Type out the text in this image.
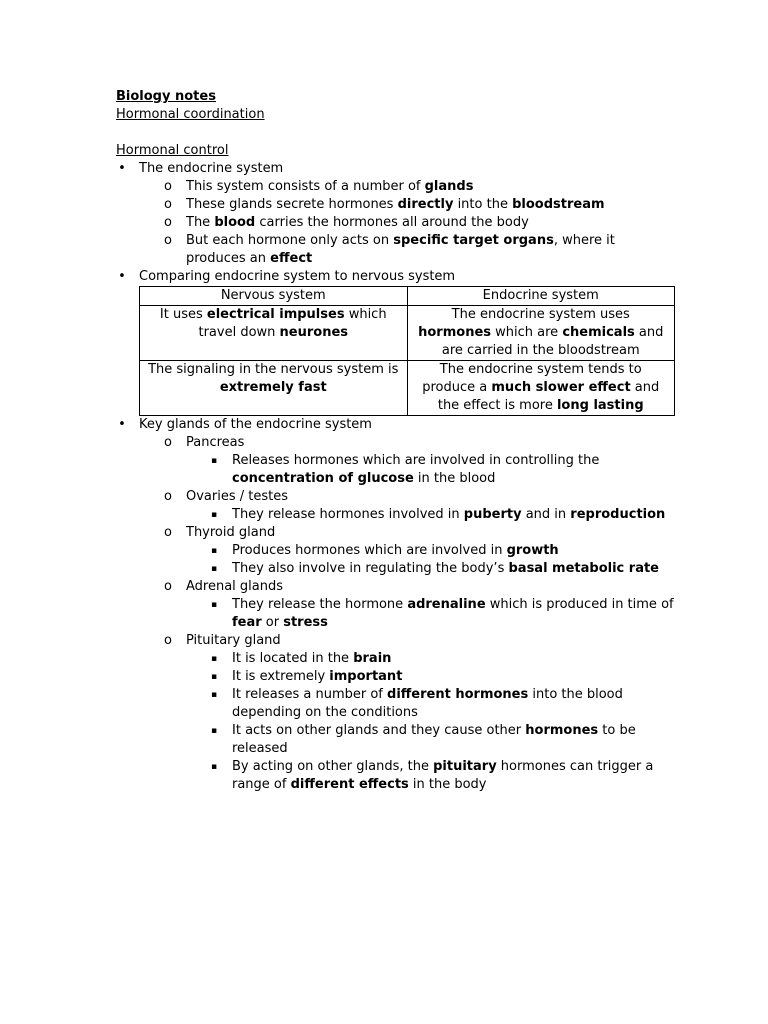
Biology notes
Hormonal coordination
Hormonal control
• The endocrine system
o This system consists of a number of glands
o These glands secrete hormones directly into the bloodstream
o The blood carries the hormones all around the body
o But each hormone only acts on specific target organs, where it produces an effect
• Comparing endocrine system to nervous system
Nervous system	Endocrine system
It uses electrical impulses which travel down neurones	The endocrine system uses hormones which are chemicals and are carried in the bloodstream
The signaling in the nervous system is extremely fast	The endocrine system tends to produce a much slower effect and the effect is more long lasting
• Key glands of the endocrine system
o Pancreas
▪ Releases hormones which are involved in controlling the concentration of glucose in the blood
o Ovaries / testes
▪ They release hormones involved in puberty and in reproduction
o Thyroid gland
▪ Produces hormones which are involved in growth
▪ They also involve in regulating the body’s basal metabolic rate
o Adrenal glands
▪ They release the hormone adrenaline which is produced in time of fear or stress
o Pituitary gland
▪ It is located in the brain
▪ It is extremely important
▪ It releases a number of different hormones into the blood depending on the conditions
▪ It acts on other glands and they cause other hormones to be released
▪ By acting on other glands, the pituitary hormones can trigger a range of different effects in the body
